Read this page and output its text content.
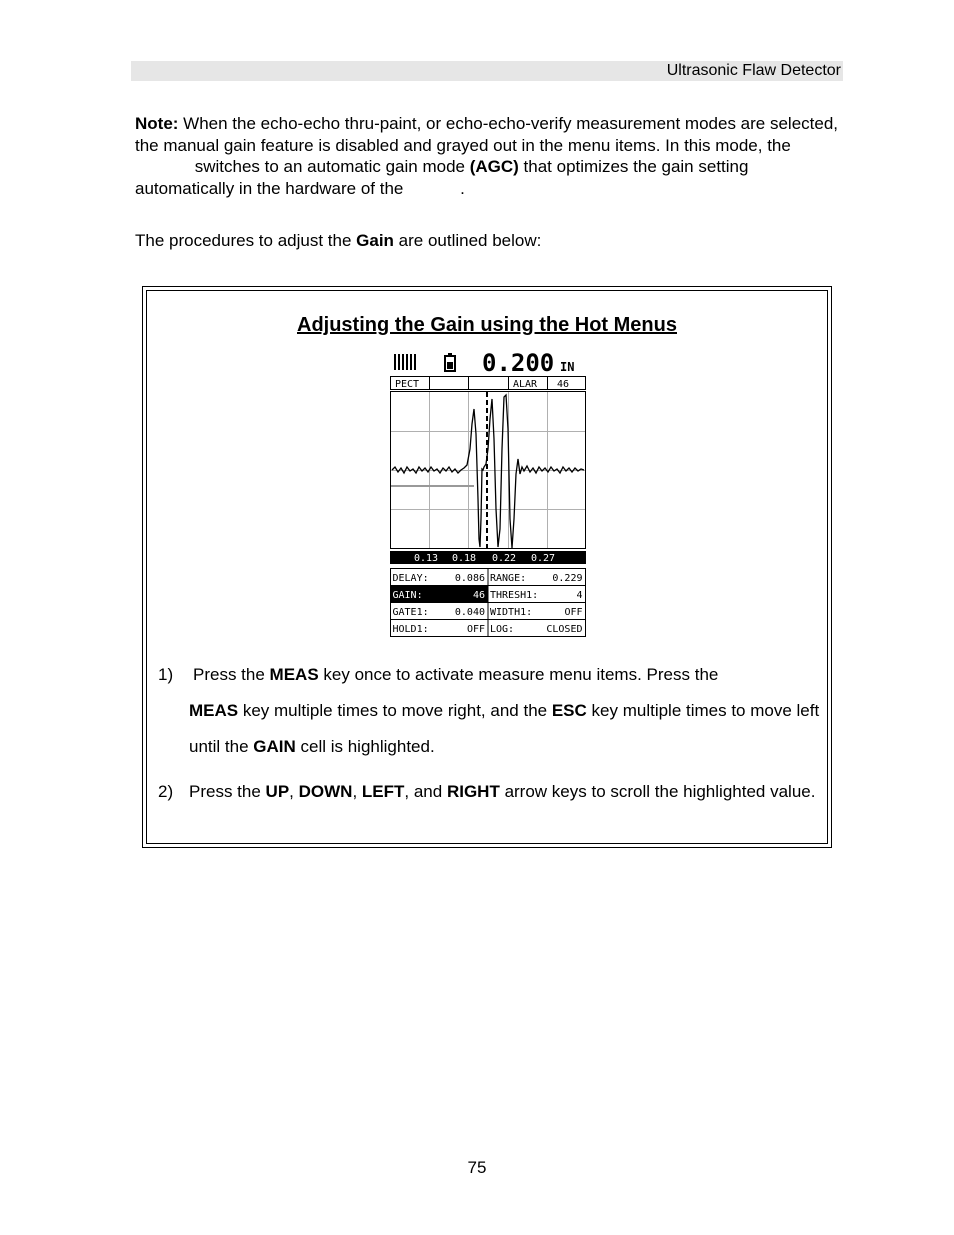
Ultrasonic Flaw Detector
Note: When the echo-echo thru-paint, or echo-echo-verify measurement modes are selected, the manual gain feature is disabled and grayed out in the menu items. In this mode, the  switches to an automatic gain mode (AGC) that optimizes the gain setting automatically in the hardware of the	.
The procedures to adjust the Gain are outlined below:
Adjusting the Gain using the Hot Menus
0.200 IN
PECT	ALAR 46
0.13 0.18 0.22 0.27
DELAY:	0.086 RANGE:	0.229
GAIN:	46 THRESH1:	4
GATE1:	0.040 WIDTH1:	OFF
HOLD1:	OFF LOG:	CLOSED
1)	Press the MEAS key once to activate measure menu items. Press the
MEAS key multiple times to move right, and the ESC key multiple times to move left until the GAIN cell is highlighted.
2) Press the UP, DOWN, LEFT, and RIGHT arrow keys to scroll the highlighted value.
75
